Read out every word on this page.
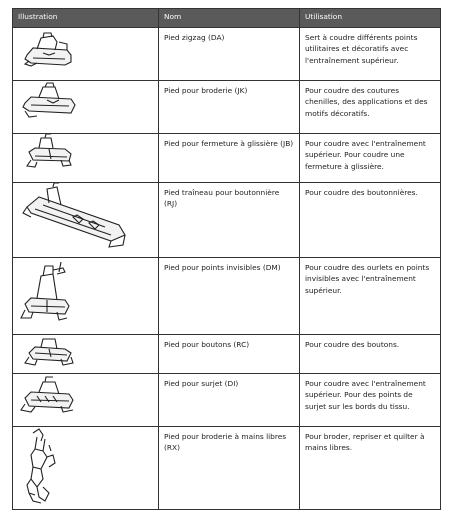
Illustration	Nom	Utilisation

	Pied zigzag (DA)	Sert à coudre différents points utilitaires et décoratifs avec l'entraînement supérieur.

	Pied pour broderie (JK)	Pour coudre des coutures chenilles, des applications et des motifs décoratifs.

	Pied pour fermeture à glissière (JB)	Pour coudre avec l'entraînement supérieur. Pour coudre une fermeture à glissière.

	Pied traîneau pour boutonnière (RJ)	Pour coudre des boutonnières.

	Pied pour points invisibles (DM)	Pour coudre des ourlets en points invisibles avec l'entraînement supérieur.

	Pied pour boutons (RC)	Pour coudre des boutons.

	Pied pour surjet (DI)	Pour coudre avec l'entraînement supérieur. Pour des points de surjet sur les bords du tissu.

	Pied pour broderie à mains libres (RX)	Pour broder, repriser et quilter à mains libres.
